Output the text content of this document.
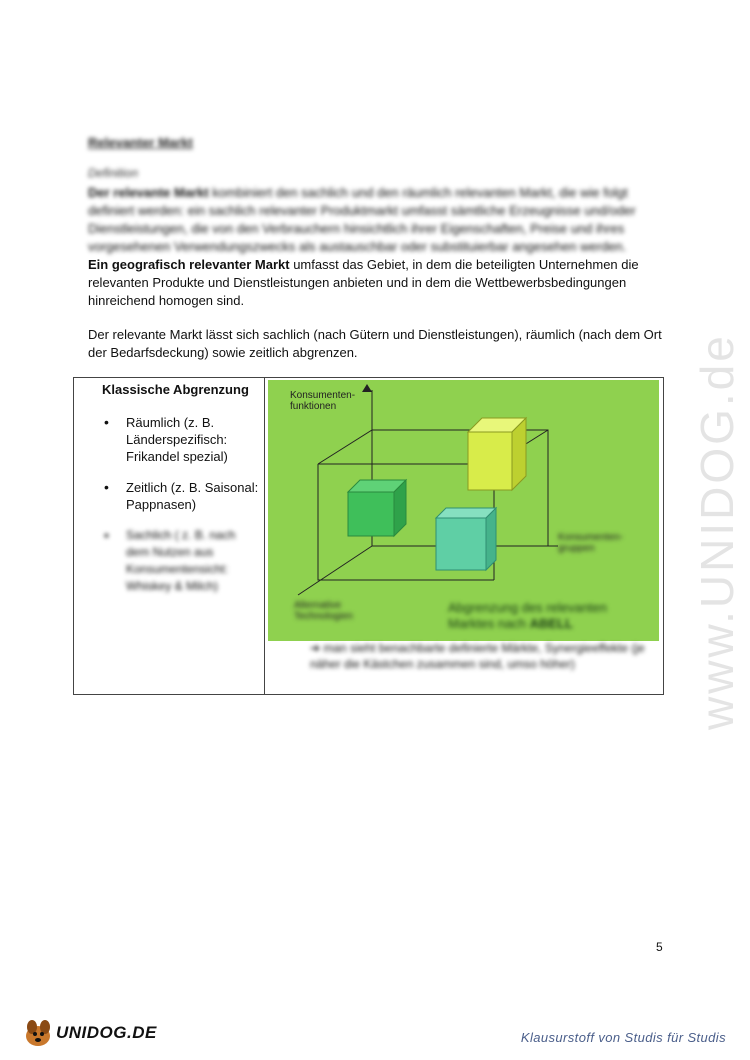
Relevanter Markt
Definition
Der relevante Markt kombiniert den sachlich und den räumlich relevanten Markt, die wie folgt definiert werden: ein sachlich relevanter Produktmarkt umfasst sämtliche Erzeugnisse und/oder Dienstleistungen, die von den Verbrauchern hinsichtlich ihrer Eigenschaften, Preise und ihres vorgesehenen Verwendungszwecks als austauschbar oder substituierbar angesehen werden.
Ein geografisch relevanter Markt umfasst das Gebiet, in dem die beteiligten Unternehmen die relevanten Produkte und Dienstleistungen anbieten und in dem die Wettbewerbsbedingungen hinreichend homogen sind.
Der relevante Markt lässt sich sachlich (nach Gütern und Dienstleistungen), räumlich (nach dem Ort der Bedarfsdeckung) sowie zeitlich abgrenzen.
Klassische Abgrenzung
• Räumlich (z. B. Länderspezifisch: Frikandel spezial)
• Zeitlich (z. B. Saisonal: Pappnasen)
• Sachlich ( z. B. nach dem Nutzen aus Konsumentensicht: Whiskey & Milch)
Konsumenten-
funktionen
Konsumenten-
gruppen
Alternative
Technologien
Abgrenzung des relevanten
Marktes nach ABELL
➔ man sieht benachbarte definierte Märkte, Synergieeffekte (je näher die Kästchen zusammen sind, umso höher)
5
www.UNIDOG.de
UNIDOG.DE	Klausurstoff von Studis für Studis
